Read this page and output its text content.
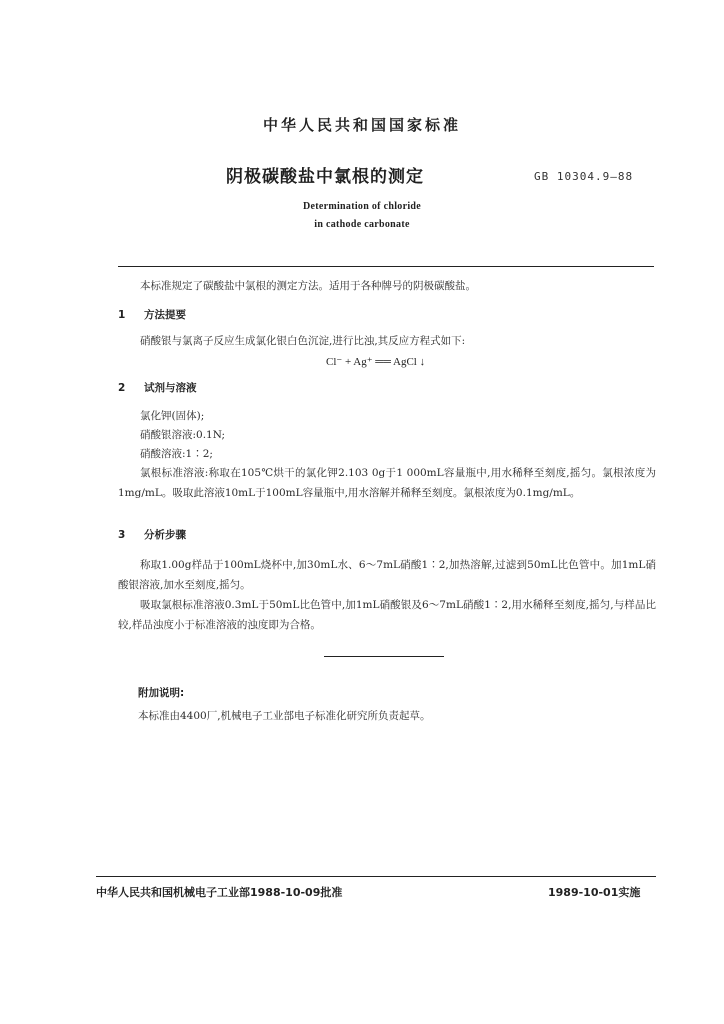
中华人民共和国国家标准
阴极碳酸盐中氯根的测定	GB 10304.9—88
Determination of chloride
in cathode carbonate
本标准规定了碳酸盐中氯根的测定方法。适用于各种牌号的阴极碳酸盐。
1 方法提要
硝酸银与氯离子反应生成氯化银白色沉淀,进行比浊,其反应方程式如下:
Cl⁻ + Ag⁺ ══ AgCl ↓
2 试剂与溶液
氯化钾(固体);
硝酸银溶液:0.1N;
硝酸溶液:1∶2;
氯根标准溶液:称取在105℃烘干的氯化钾2.103 0g于1 000mL容量瓶中,用水稀释至刻度,摇匀。氯根浓度为1mg/mL。吸取此溶液10mL于100mL容量瓶中,用水溶解并稀释至刻度。氯根浓度为0.1mg/mL。
3 分析步骤
称取1.00g样品于100mL烧杯中,加30mL水、6～7mL硝酸1∶2,加热溶解,过滤到50mL比色管中。加1mL硝酸银溶液,加水至刻度,摇匀。
吸取氯根标准溶液0.3mL于50mL比色管中,加1mL硝酸银及6～7mL硝酸1∶2,用水稀释至刻度,摇匀,与样品比较,样品浊度小于标准溶液的浊度即为合格。
附加说明:
本标准由4400厂,机械电子工业部电子标准化研究所负责起草。
中华人民共和国机械电子工业部1988-10-09批准	1989-10-01实施
